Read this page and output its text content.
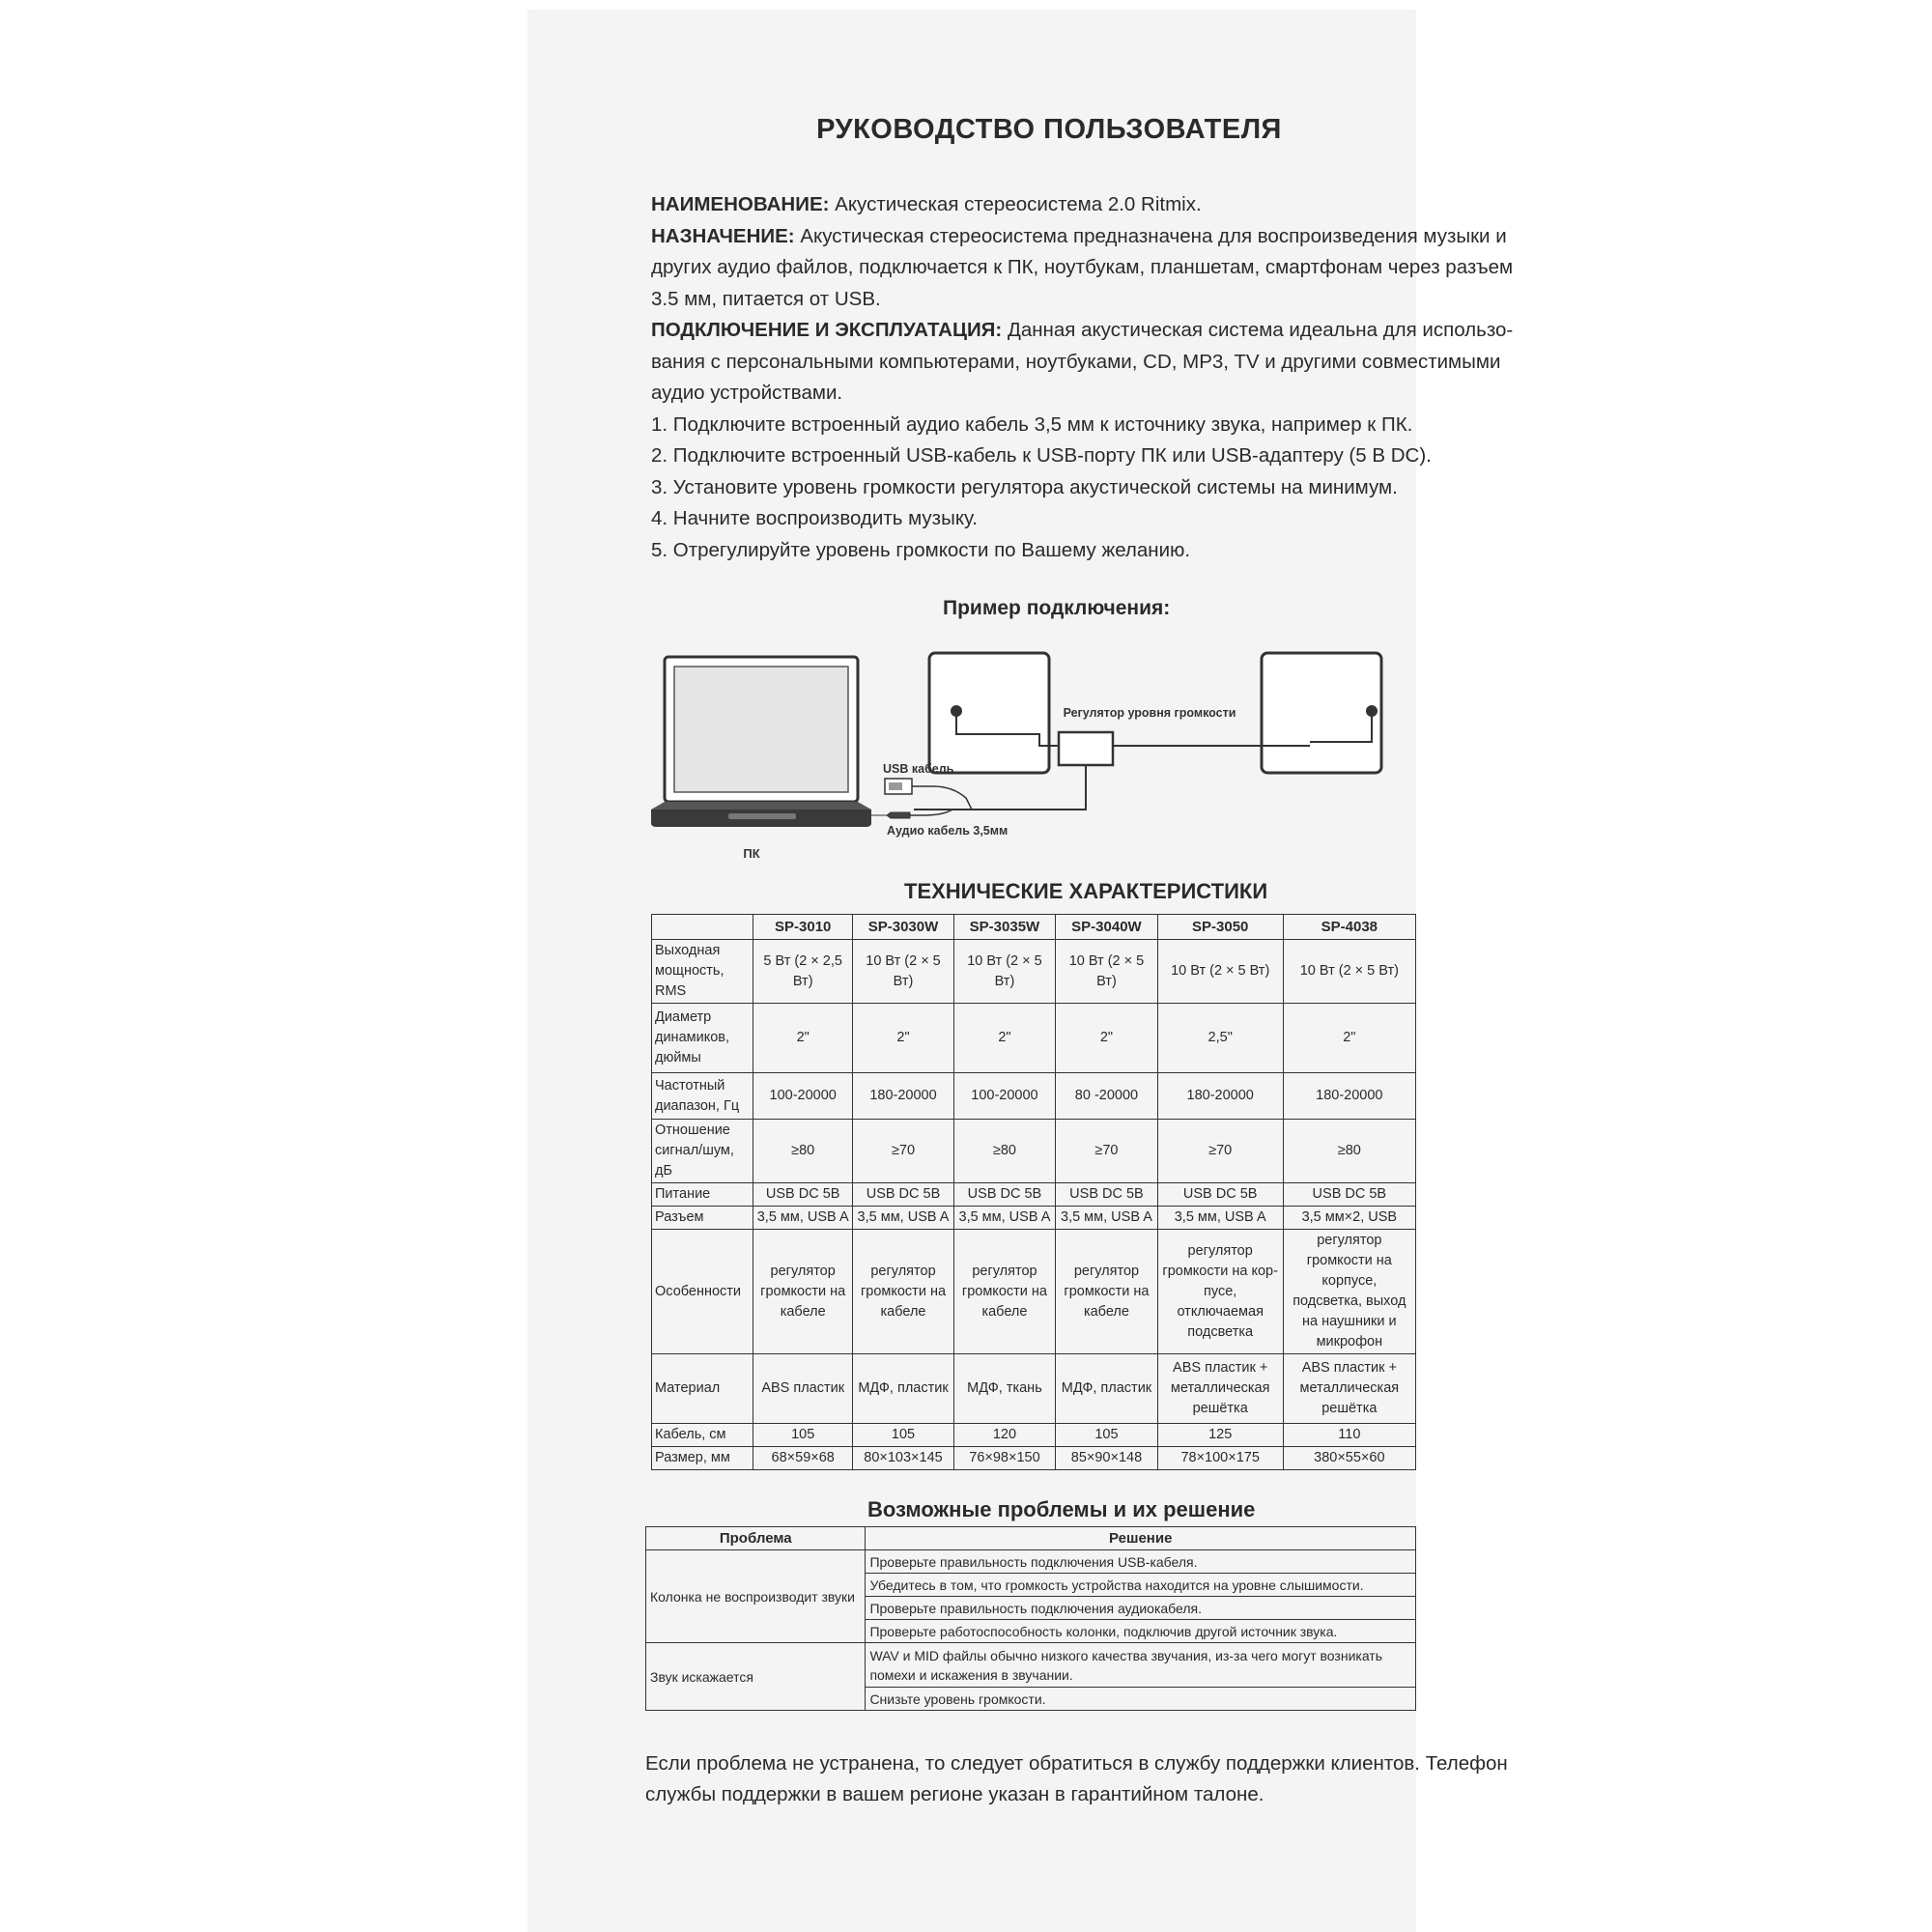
РУКОВОДСТВО ПОЛЬЗОВАТЕЛЯ

НАИМЕНОВАНИЕ: Акустическая стереосистема 2.0 Ritmix.

НАЗНАЧЕНИЕ: Акустическая стереосистема предназначена для воспроизведения музыки и

других аудио файлов, подключается к ПК, ноутбукам, планшетам, смартфонам через разъем

3.5 мм, питается от USB.

ПОДКЛЮЧЕНИЕ И ЭКСПЛУАТАЦИЯ: Данная акустическая система идеальна для использо-

вания с персональными компьютерами, ноутбуками, CD, MP3, TV и другими совместимыми

аудио устройствами.

1. Подключите встроенный аудио кабель 3,5 мм к источнику звука, например к ПК.

2. Подключите встроенный USB-кабель к USB-порту ПК или USB-адаптеру (5 В DC).

3. Установите уровень громкости регулятора акустической системы на минимум.

4. Начните воспроизводить музыку.

5. Отрегулируйте уровень громкости по Вашему желанию.

Пример подключения:
ПК
Регулятор уровня громкости
USB кабель
Аудио кабель 3,5мм
ТЕХНИЧЕСКИЕ ХАРАКТЕРИСТИКИ
	SP-3010	SP-3030W	SP-3035W	SP-3040W	SP-3050	SP-4038
Выходная мощность, RMS	5 Вт (2 × 2,5 Вт)	10 Вт (2 × 5 Вт)	10 Вт (2 × 5 Вт)	10 Вт (2 × 5 Вт)	10 Вт (2 × 5 Вт)	10 Вт (2 × 5 Вт)
Диаметр динамиков, дюймы	2"	2"	2"	2"	2,5"	2"
Частотный диапазон, Гц	100-20000	180-20000	100-20000	80 -20000	180-20000	180-20000
Отношение сигнал/шум, дБ	≥80	≥70	≥80	≥70	≥70	≥80
Питание	USB DC 5В	USB DC 5В	USB DC 5В	USB DC 5В	USB DC 5В	USB DC 5В
Разъем	3,5 мм, USB A	3,5 мм, USB A	3,5 мм, USB A	3,5 мм, USB A	3,5 мм, USB A	3,5 мм×2, USB
Особенности	регулятор громкости на кабеле	регулятор громкости на кабеле	регулятор громкости на кабеле	регулятор громкости на кабеле	регулятор громкости на кор-пусе, отключаемая подсветка	регулятор громкости на корпусе, подсветка, выход на наушники и микрофон
Материал	ABS пластик	МДФ, пластик	МДФ, ткань	МДФ, пластик	ABS пластик + металлическая решётка	ABS пластик + металлическая решётка
Кабель, см	105	105	120	105	125	110
Размер, мм	68×59×68	80×103×145	76×98×150	85×90×148	78×100×175	380×55×60
Возможные проблемы и их решение
Проблема	Решение
Колонка не воспроизводит звуки	Проверьте правильность подключения USB-кабеля.
	Убедитесь в том, что громкость устройства находится на уровне слышимости.
	Проверьте правильность подключения аудиокабеля.
	Проверьте работоспособность колонки, подключив другой источник звука.
Звук искажается	WAV и MID файлы обычно низкого качества звучания, из-за чего могут возникать помехи и искажения в звучании.
	Снизьте уровень громкости.

Если проблема не устранена, то следует обратиться в службу поддержки клиентов. Телефон

службы поддержки в вашем регионе указан в гарантийном талоне.
